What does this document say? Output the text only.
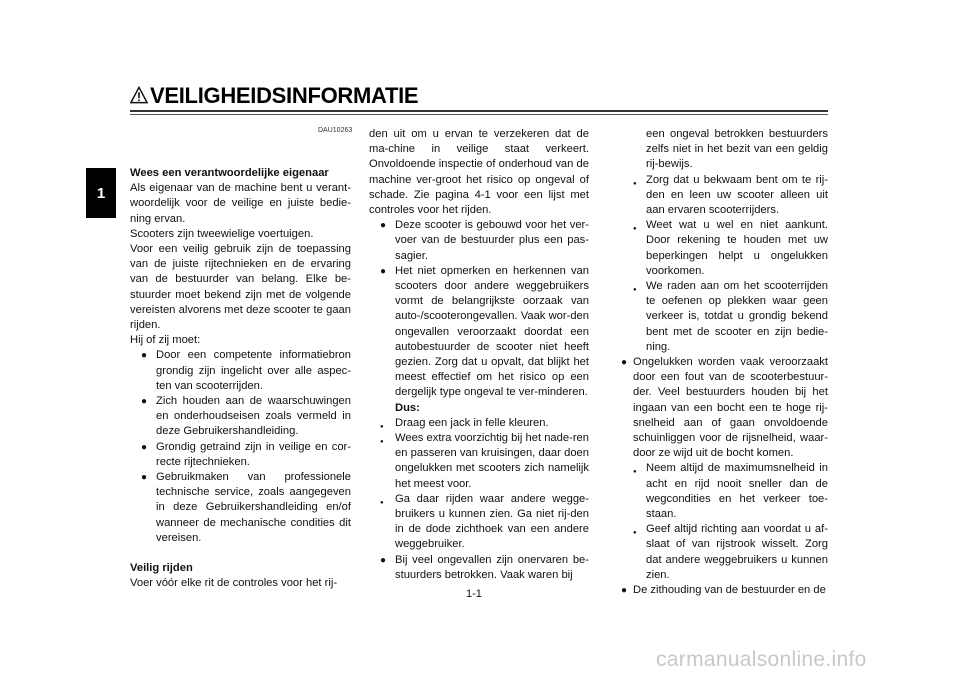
1
VEILIGHEIDSINFORMATIE
DAU10263
Wees een verantwoordelijke eigenaar
Als eigenaar van de machine bent u verant-woordelijk voor de veilige en juiste bedie-ning ervan.
Scooters zijn tweewielige voertuigen.
Voor een veilig gebruik zijn de toepassing van de juiste rijtechnieken en de ervaring van de bestuurder van belang. Elke be-stuurder moet bekend zijn met de volgende vereisten alvorens met deze scooter te gaan rijden.
Hij of zij moet:
● Door een competente informatiebron grondig zijn ingelicht over alle aspec-ten van scooterrijden.
● Zich houden aan de waarschuwingen en onderhoudseisen zoals vermeld in deze Gebruikershandleiding.
● Grondig getraind zijn in veilige en cor-recte rijtechnieken.
● Gebruikmaken van professionele technische service, zoals aangegeven in deze Gebruikershandleiding en/of wanneer de mechanische condities dit vereisen.
Veilig rijden
Voer vóór elke rit de controles voor het rij-
den uit om u ervan te verzekeren dat de ma-chine in veilige staat verkeert. Onvoldoende inspectie of onderhoud van de machine ver-groot het risico op ongeval of schade. Zie pagina 4-1 voor een lijst met controles voor het rijden.
● Deze scooter is gebouwd voor het ver-voer van de bestuurder plus een pas-sagier.
● Het niet opmerken en herkennen van scooters door andere weggebruikers vormt de belangrijkste oorzaak van auto-/scooterongevallen. Vaak wor-den ongevallen veroorzaakt doordat een autobestuurder de scooter niet heeft gezien. Zorg dat u opvalt, dat blijkt het meest effectief om het risico op een dergelijk type ongeval te ver-minderen.
Dus:
● Draag een jack in felle kleuren.
● Wees extra voorzichtig bij het nade-ren en passeren van kruisingen, daar doen ongelukken met scooters zich namelijk het meest voor.
● Ga daar rijden waar andere wegge-bruikers u kunnen zien. Ga niet rij-den in de dode zichthoek van een andere weggebruiker.
● Bij veel ongevallen zijn onervaren be-stuurders betrokken. Vaak waren bij
een ongeval betrokken bestuurders zelfs niet in het bezit van een geldig rij-bewijs.
● Zorg dat u bekwaam bent om te rij-den en leen uw scooter alleen uit aan ervaren scooterrijders.
● Weet wat u wel en niet aankunt. Door rekening te houden met uw beperkingen helpt u ongelukken voorkomen.
● We raden aan om het scooterrijden te oefenen op plekken waar geen verkeer is, totdat u grondig bekend bent met de scooter en zijn bedie-ning.
● Ongelukken worden vaak veroorzaakt door een fout van de scooterbestuur-der. Veel bestuurders houden bij het ingaan van een bocht een te hoge rij-snelheid aan of gaan onvoldoende schuinliggen voor de rijsnelheid, waar-door ze wijd uit de bocht komen.
● Neem altijd de maximumsnelheid in acht en rijd nooit sneller dan de wegcondities en het verkeer toe-staan.
● Geef altijd richting aan voordat u af-slaat of van rijstrook wisselt. Zorg dat andere weggebruikers u kunnen zien.
● De zithouding van de bestuurder en de
1-1
carmanualsonline.info
